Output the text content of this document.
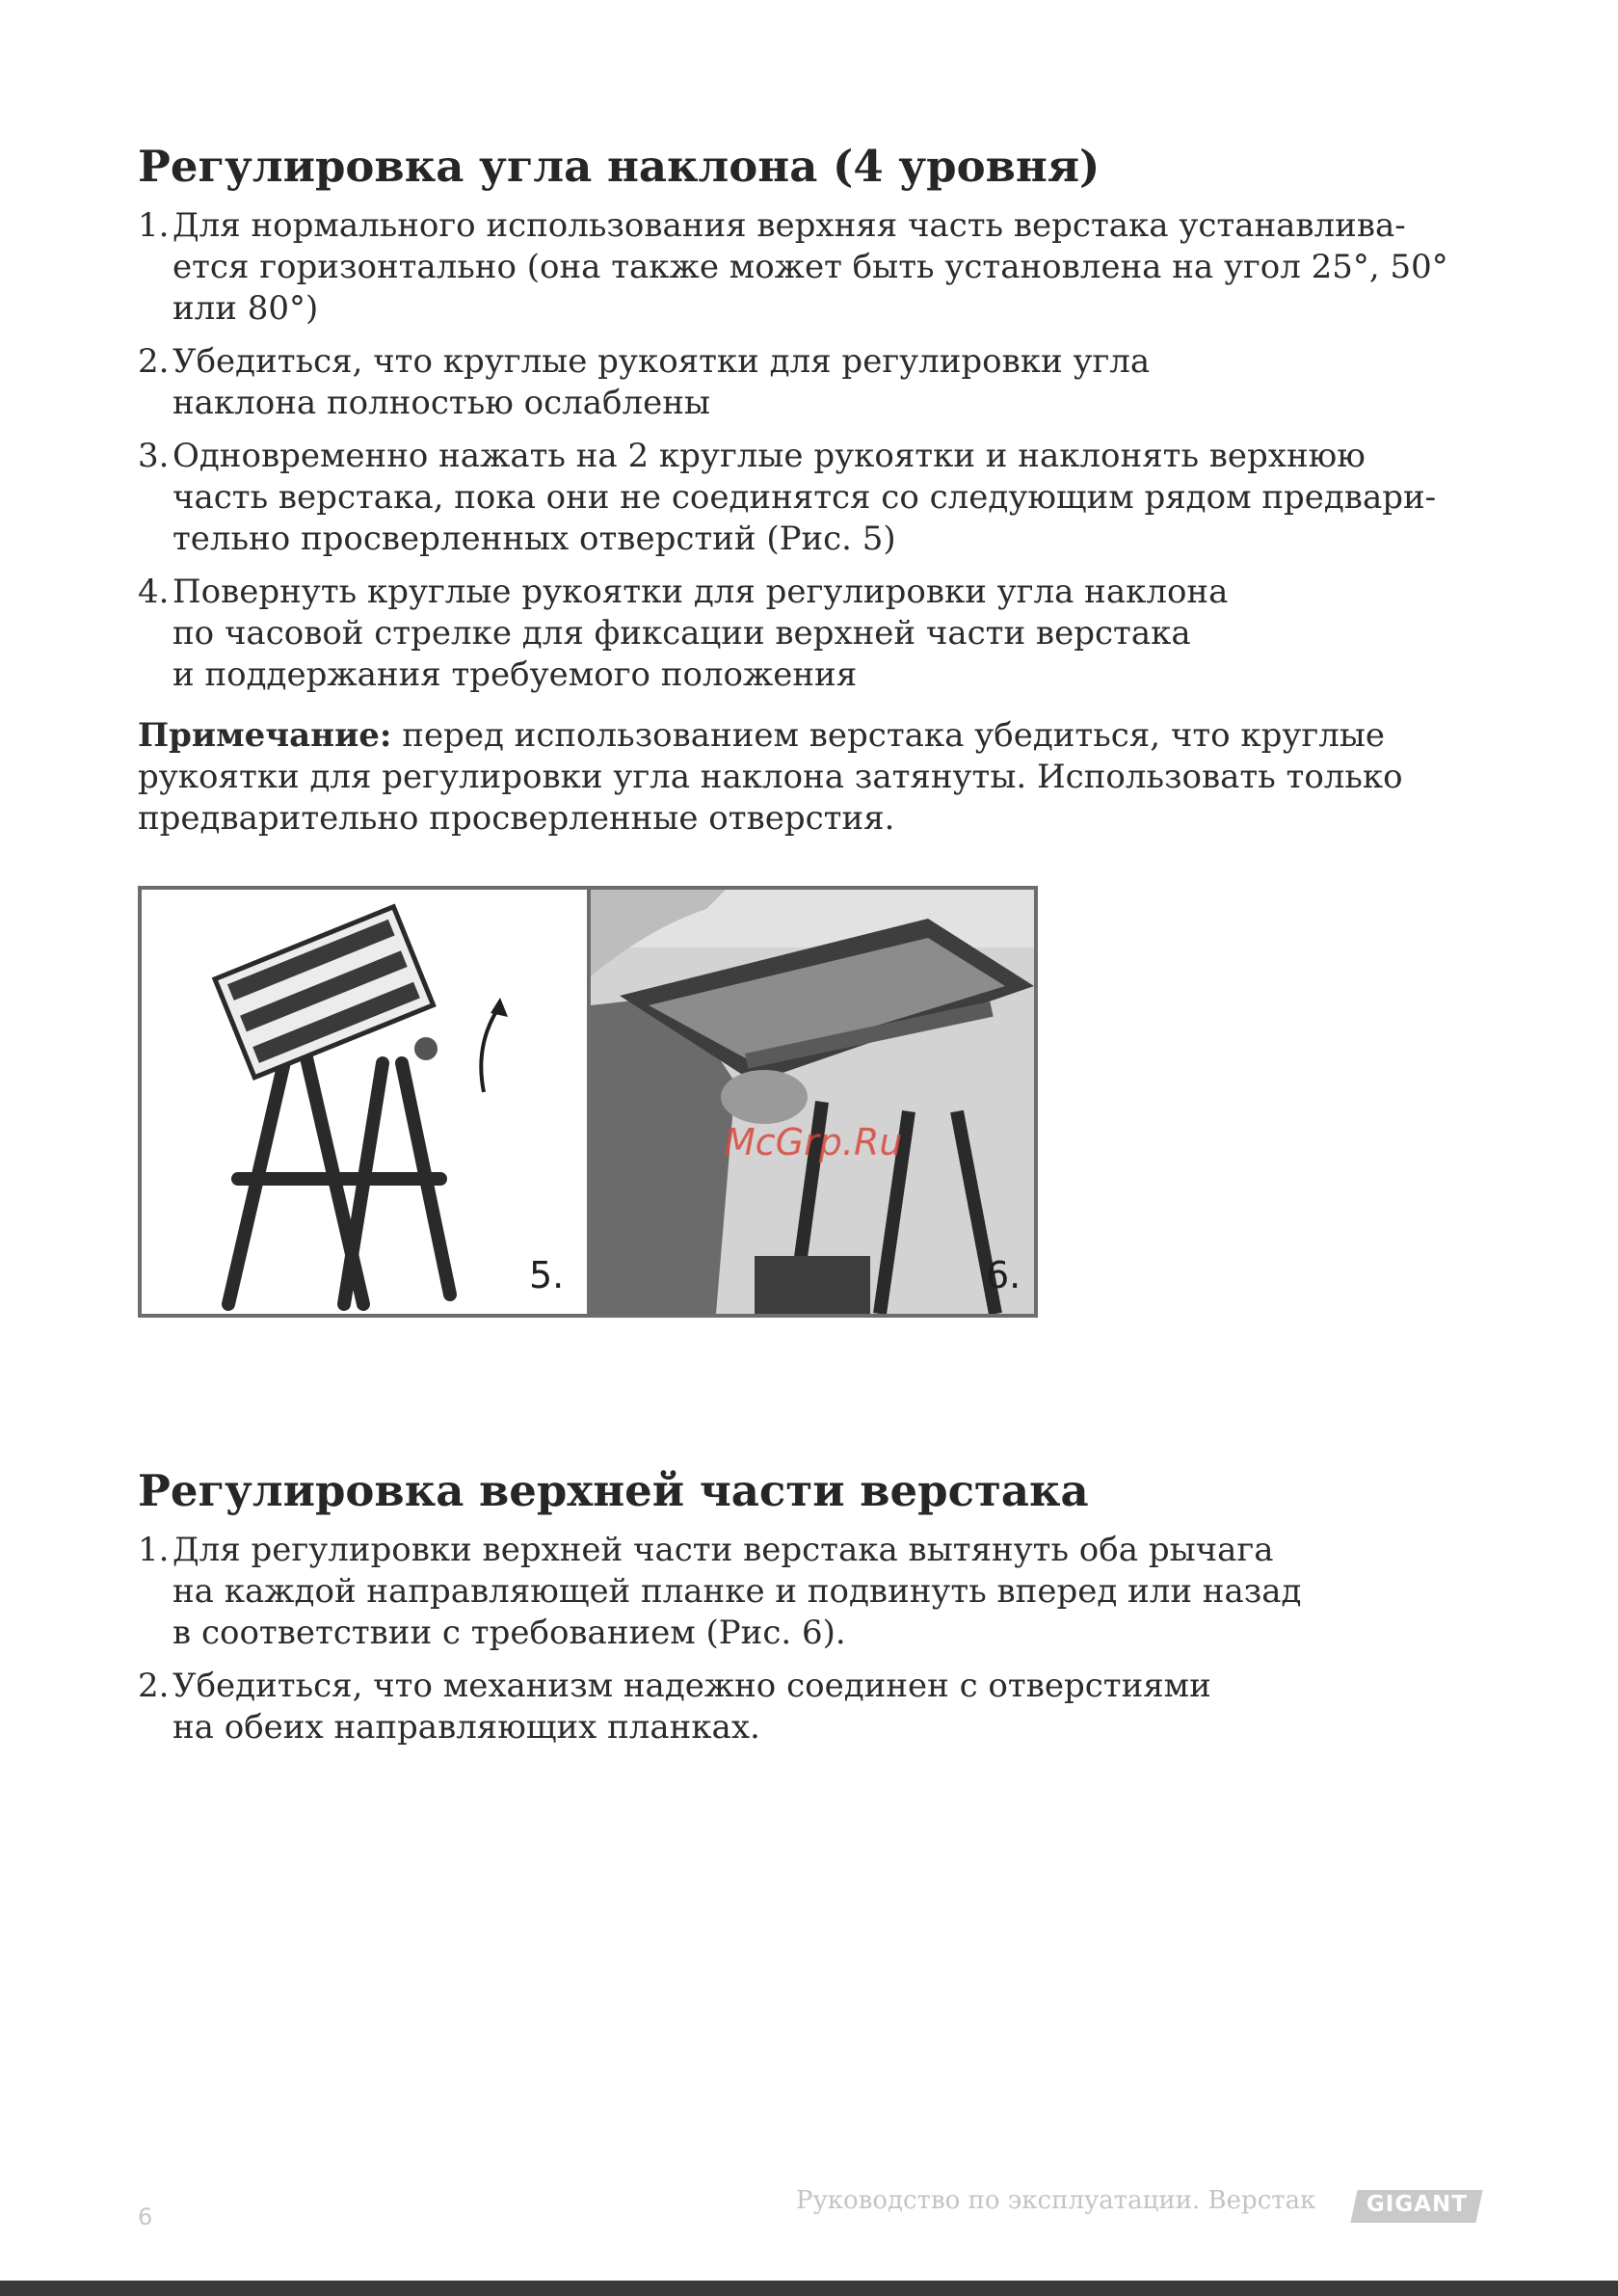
Регулировка угла наклона (4 уровня)
1. Для нормального использования верхняя часть верстака устанавлива-
ется горизонтально (она также может быть установлена на угол 25°, 50°
или 80°)
2. Убедиться, что круглые рукоятки для регулировки угла
наклона полностью ослаблены
3. Одновременно нажать на 2 круглые рукоятки и наклонять верхнюю
часть верстака, пока они не соединятся со следующим рядом предвари-
тельно просверленных отверстий (Рис. 5)
4. Повернуть круглые рукоятки для регулировки угла наклона
по часовой стрелке для фиксации верхней части верстака
и поддержания требуемого положения
Примечание: перед использованием верстака убедиться, что круглые
рукоятки для регулировки угла наклона затянуты. Использовать только
предварительно просверленные отверстия.
5.
McGrp.Ru
6.
Регулировка верхней части верстака
1. Для регулировки верхней части верстака вытянуть оба рычага
на каждой направляющей планке и подвинуть вперед или назад
в соответствии с требованием (Рис. 6).
2. Убедиться, что механизм надежно соединен с отверстиями
на обеих направляющих планках.
6
Руководство по эксплуатации. Верстак	GIGANT
